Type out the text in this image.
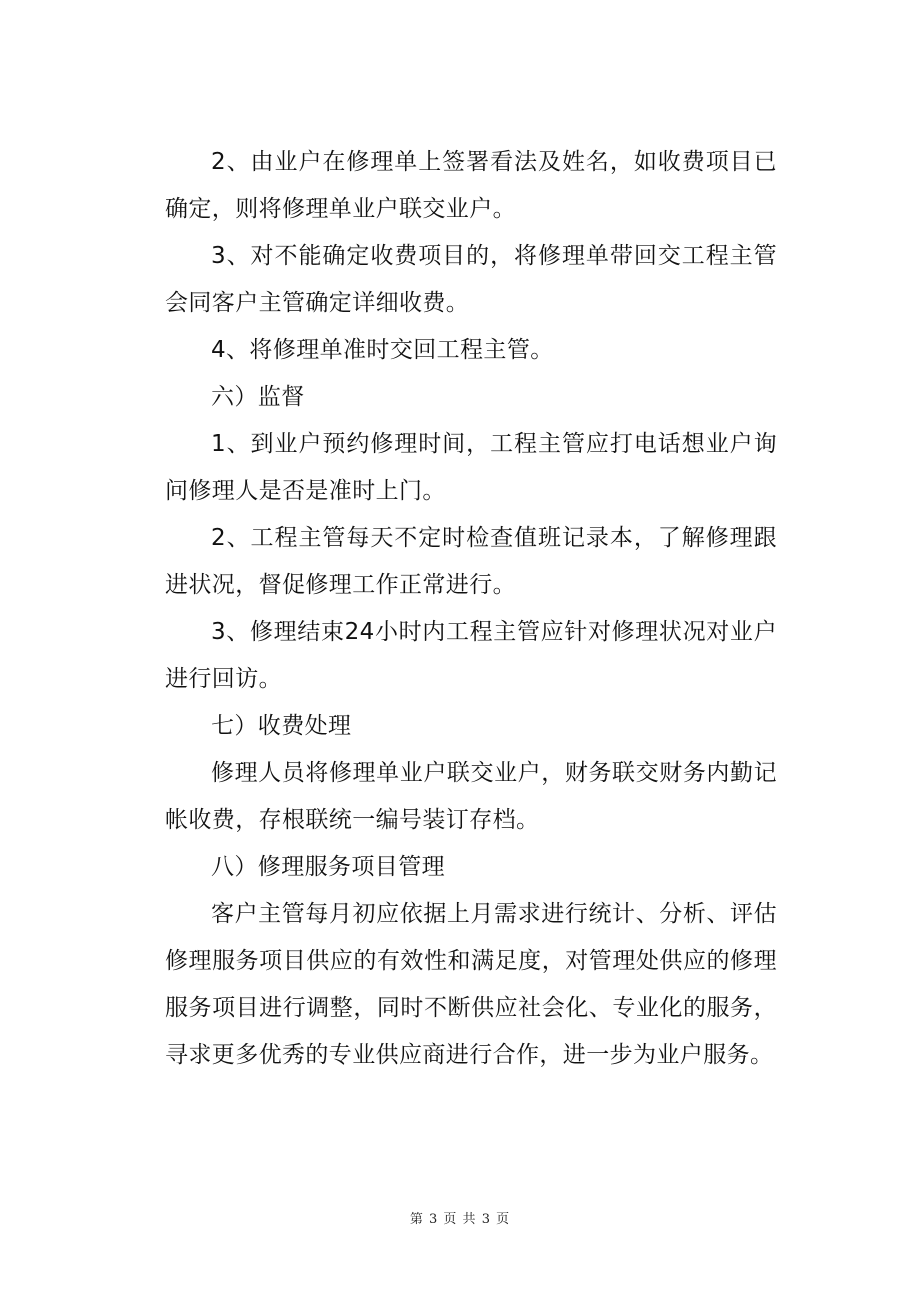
2、由业户在修理单上签署看法及姓名，如收费项目已确定，则将修理单业户联交业户。

3、对不能确定收费项目的，将修理单带回交工程主管会同客户主管确定详细收费。

4、将修理单准时交回工程主管。

六）监督

1、到业户预约修理时间，工程主管应打电话想业户询问修理人是否是准时上门。

2、工程主管每天不定时检查值班记录本，了解修理跟进状况，督促修理工作正常进行。

3、修理结束24小时内工程主管应针对修理状况对业户进行回访。

七）收费处理

修理人员将修理单业户联交业户，财务联交财务内勤记帐收费，存根联统一编号装订存档。

八）修理服务项目管理

客户主管每月初应依据上月需求进行统计、分析、评估修理服务项目供应的有效性和满足度，对管理处供应的修理服务项目进行调整，同时不断供应社会化、专业化的服务，寻求更多优秀的专业供应商进行合作，进一步为业户服务。

第 3 页 共 3 页
